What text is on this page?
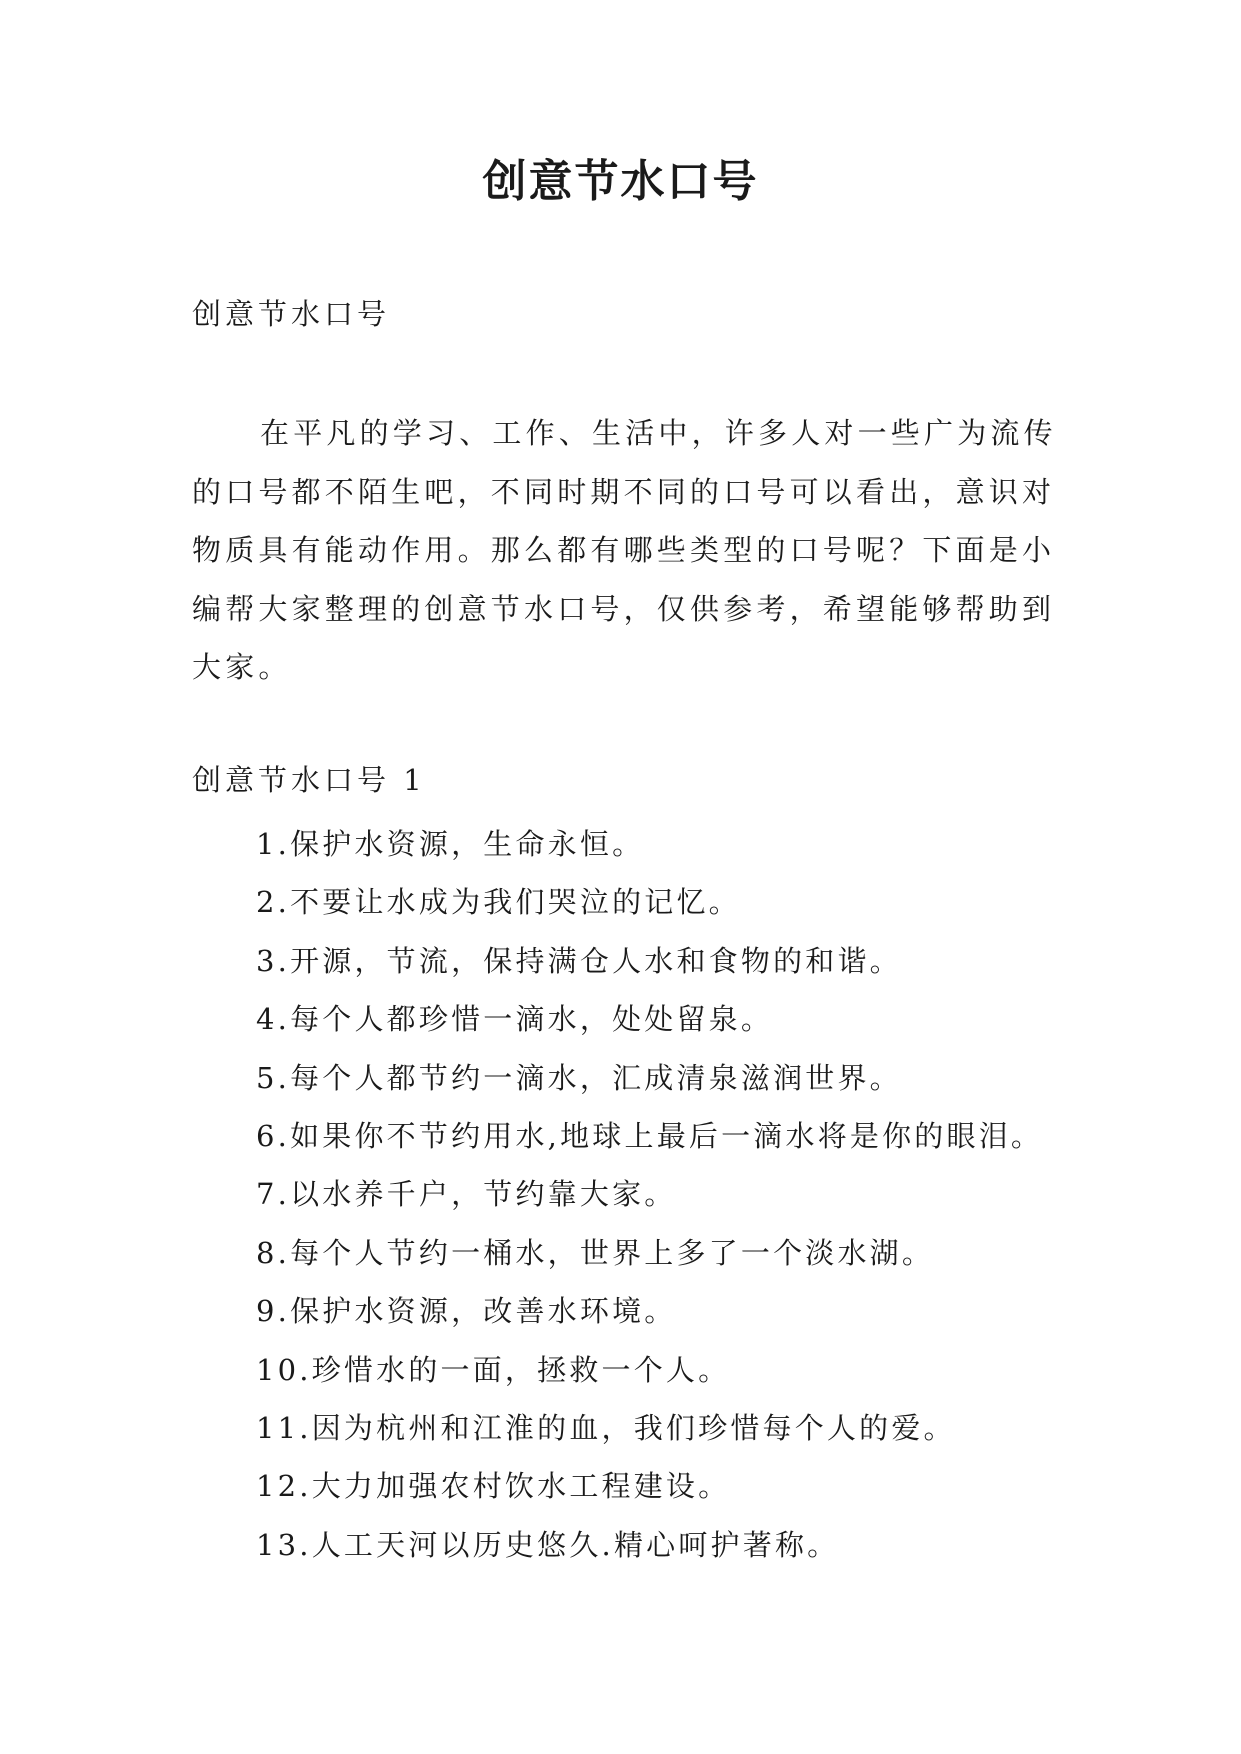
创意节水口号

创意节水口号

在平凡的学习、工作、生活中，许多人对一些广为流传的口号都不陌生吧，不同时期不同的口号可以看出，意识对物质具有能动作用。那么都有哪些类型的口号呢？下面是小编帮大家整理的创意节水口号，仅供参考，希望能够帮助到大家。

创意节水口号 1

1.保护水资源，生命永恒。
2.不要让水成为我们哭泣的记忆。
3.开源，节流，保持满仓人水和食物的和谐。
4.每个人都珍惜一滴水，处处留泉。
5.每个人都节约一滴水，汇成清泉滋润世界。
6.如果你不节约用水,地球上最后一滴水将是你的眼泪。
7.以水养千户，节约靠大家。
8.每个人节约一桶水，世界上多了一个淡水湖。
9.保护水资源，改善水环境。
10.珍惜水的一面，拯救一个人。
11.因为杭州和江淮的血，我们珍惜每个人的爱。
12.大力加强农村饮水工程建设。
13.人工天河以历史悠久.精心呵护著称。
